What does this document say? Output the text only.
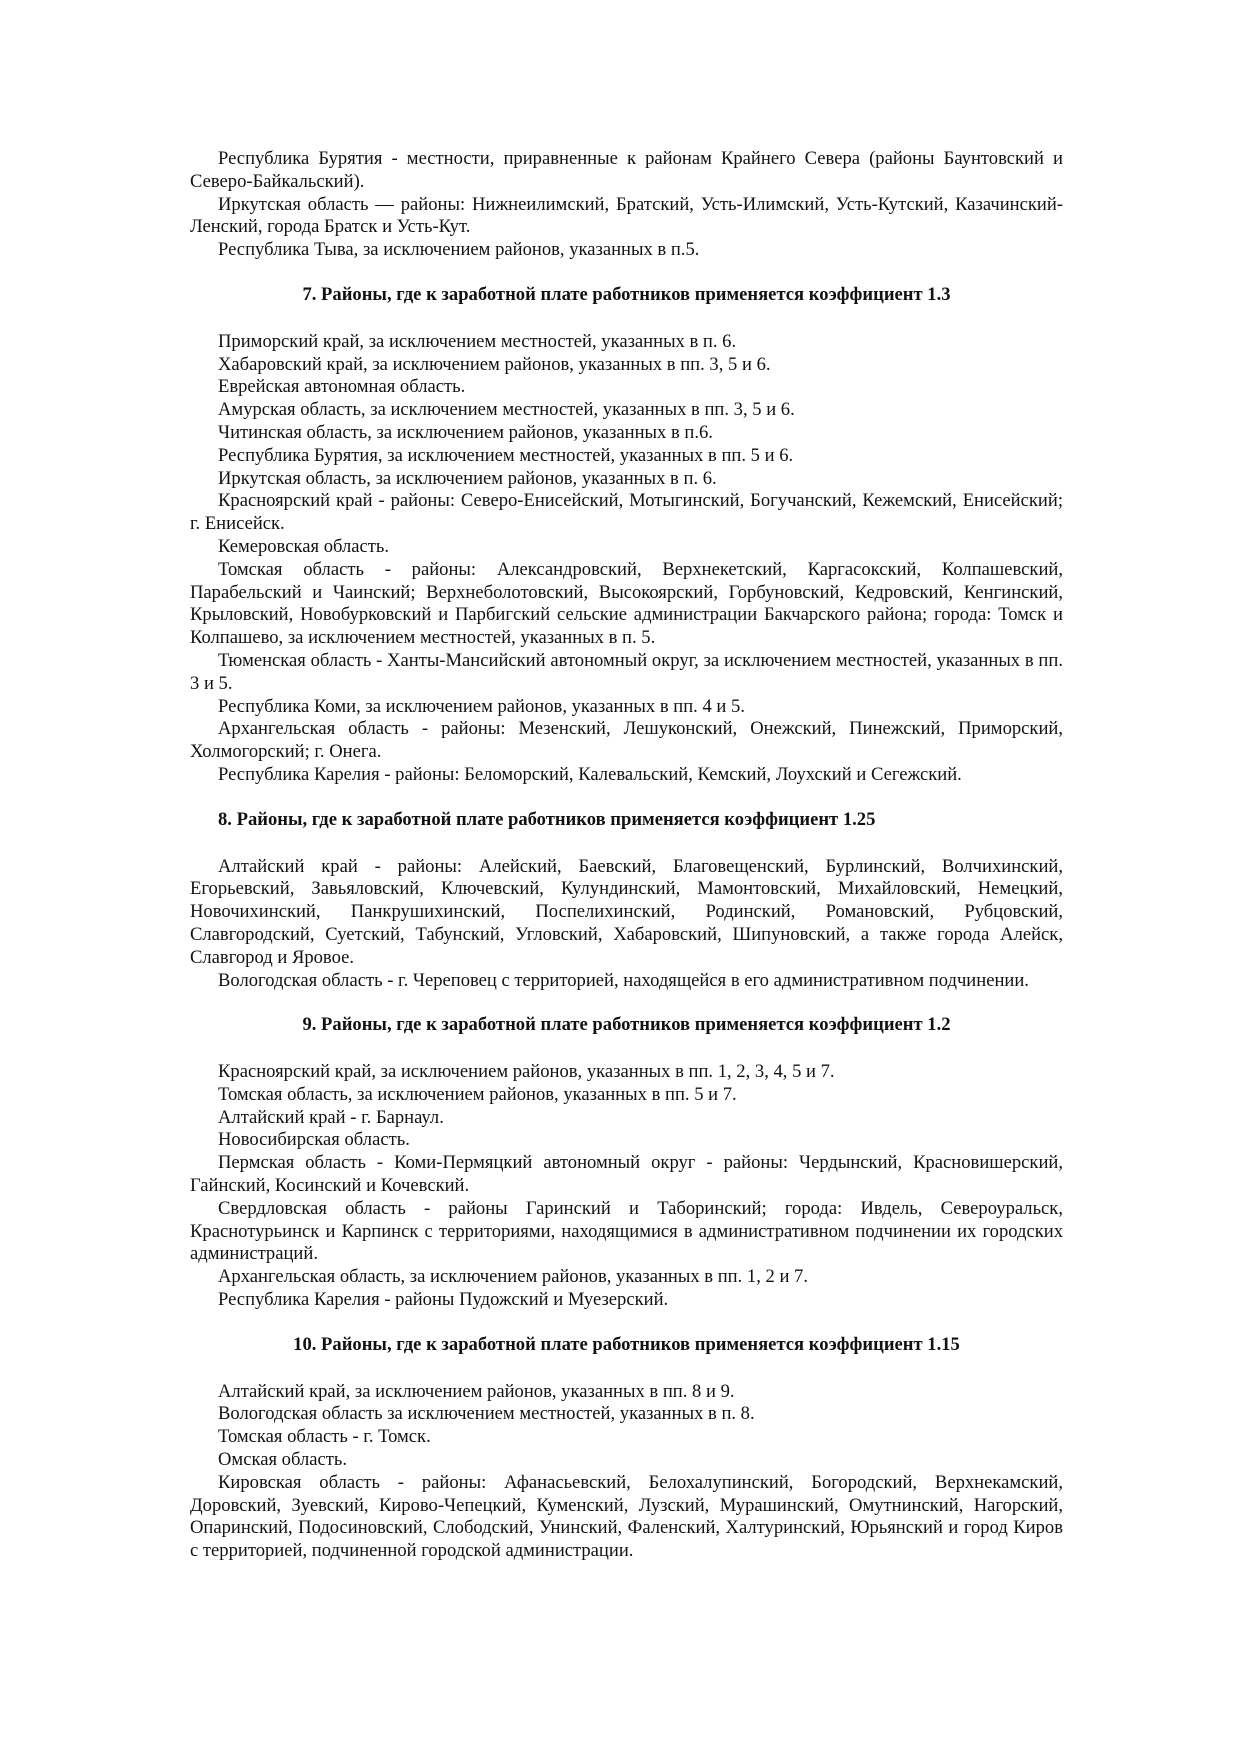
Республика Бурятия - местности, приравненные к районам Крайнего Севера (районы Баунтовский и Северо-Байкальский).

Иркутская область — районы: Нижнеилимский, Братский, Усть-Илимский, Усть-Кутский, Казачинский-Ленский, города Братск и Усть-Кут.

Республика Тыва, за исключением районов, указанных в п.5.

7. Районы, где к заработной плате работников применяется коэффициент 1.3

Приморский край, за исключением местностей, указанных в п. 6.

Хабаровский край, за исключением районов, указанных в пп. 3, 5 и 6.

Еврейская автономная область.

Амурская область, за исключением местностей, указанных в пп. 3, 5 и 6.

Читинская область, за исключением районов, указанных в п.6.

Республика Бурятия, за исключением местностей, указанных в пп. 5 и 6.

Иркутская область, за исключением районов, указанных в п. 6.

Красноярский край - районы: Северо-Енисейский, Мотыгинский, Богучанский, Кежемский, Енисейский; г. Енисейск.

Кемеровская область.

Томская область - районы: Александровский, Верхнекетский, Каргасокский, Колпашевский, Парабельский и Чаинский; Верхнеболотовский, Высокоярский, Горбуновский, Кедровский, Кенгинский, Крыловский, Новобурковский и Парбигский сельские администрации Бакчарского района; города: Томск и Колпашево, за исключением местностей, указанных в п. 5.

Тюменская область - Ханты-Мансийский автономный округ, за исключением местностей, указанных в пп. 3 и 5.

Республика Коми, за исключением районов, указанных в пп. 4 и 5.

Архангельская область - районы: Мезенский, Лешуконский, Онежский, Пинежский, Приморский, Холмогорский; г. Онега.

Республика Карелия - районы: Беломорский, Калевальский, Кемский, Лоухский и Сегежский.

8. Районы, где к заработной плате работников применяется коэффициент 1.25

Алтайский край - районы: Алейский, Баевский, Благовещенский, Бурлинский, Волчихинский, Егорьевский, Завьяловский, Ключевский, Кулундинский, Мамонтовский, Михайловский, Немецкий, Новочихинский, Панкрушихинский, Поспелихинский, Родинский, Романовский, Рубцовский, Славгородский, Суетский, Табунский, Угловский, Хабаровский, Шипуновский, а также города Алейск, Славгород и Яровое.

Вологодская область - г. Череповец с территорией, находящейся в его административном подчинении.

9. Районы, где к заработной плате работников применяется коэффициент 1.2

Красноярский край, за исключением районов, указанных в пп. 1, 2, 3, 4, 5 и 7.

Томская область, за исключением районов, указанных в пп. 5 и 7.

Алтайский край - г. Барнаул.

Новосибирская область.

Пермская область - Коми-Пермяцкий автономный округ - районы: Чердынский, Красновишерский, Гайнский, Косинский и Кочевский.

Свердловская область - районы Гаринский и Таборинский; города: Ивдель, Североуральск, Краснотурьинск и Карпинск с территориями, находящимися в административном подчинении их городских администраций.

Архангельская область, за исключением районов, указанных в пп. 1, 2 и 7.

Республика Карелия - районы Пудожский и Муезерский.

10. Районы, где к заработной плате работников применяется коэффициент 1.15

Алтайский край, за исключением районов, указанных в пп. 8 и 9.

Вологодская область за исключением местностей, указанных в п. 8.

Томская область - г. Томск.

Омская область.

Кировская область - районы: Афанасьевский, Белохалупинский, Богородский, Верхнекамский, Доровский, Зуевский, Кирово-Чепецкий, Куменский, Лузский, Мурашинский, Омутнинский, Нагорский, Опаринский, Подосиновский, Слободский, Унинский, Фаленский, Халтуринский, Юрьянский и город Киров с территорией, подчиненной городской администрации.
